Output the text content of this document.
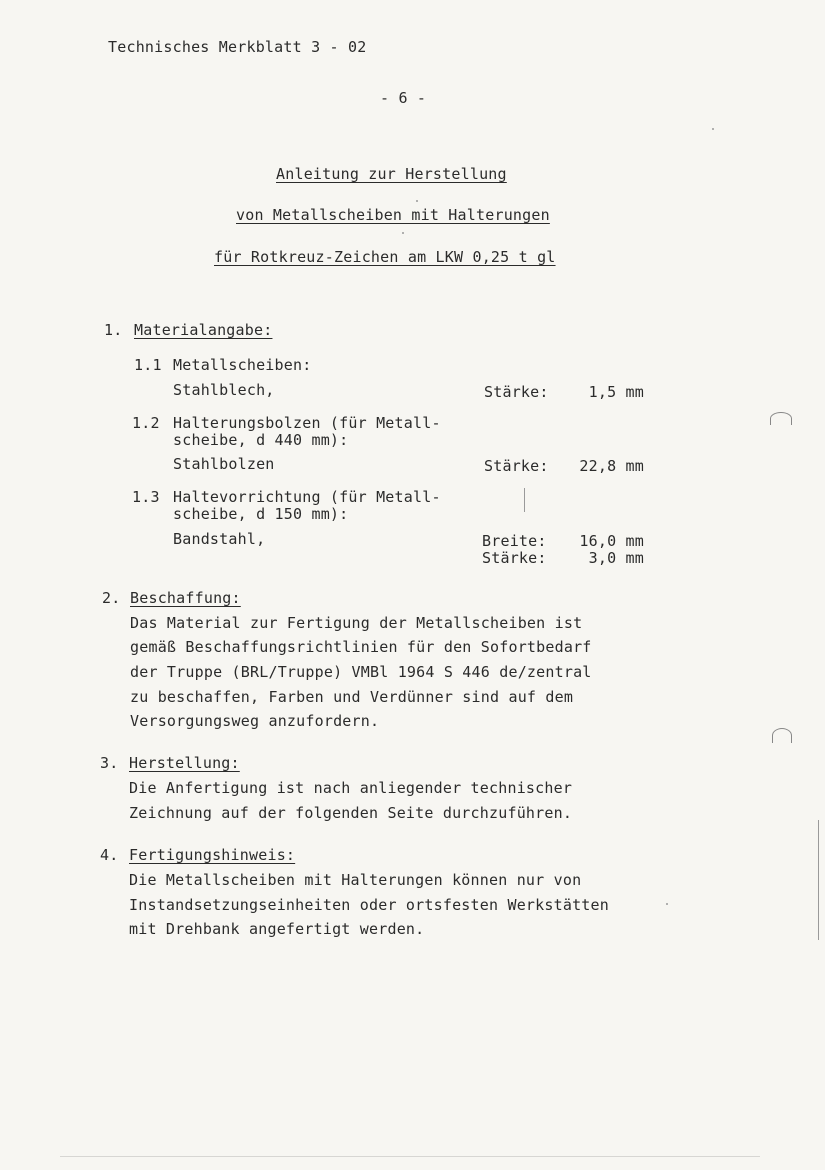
Technisches Merkblatt 3 - 02
- 6 -
Anleitung zur Herstellung
von Metallscheiben mit Halterungen
für Rotkreuz-Zeichen am LKW 0,25 t gl
1. Materialangabe:
1.1 Metallscheiben:
Stahlblech,	Stärke:	1,5 mm
1.2 Halterungsbolzen (für Metall-
scheibe, d 440 mm):
Stahlbolzen	Stärke:	22,8 mm
1.3 Haltevorrichtung (für Metall-
scheibe, d 150 mm):
Bandstahl,	Breite:	16,0 mm
Stärke:	3,0 mm
2. Beschaffung:
Das Material zur Fertigung der Metallscheiben ist
gemäß Beschaffungsrichtlinien für den Sofortbedarf
der Truppe (BRL/Truppe) VMBl 1964 S 446 de/zentral
zu beschaffen, Farben und Verdünner sind auf dem
Versorgungsweg anzufordern.
3. Herstellung:
Die Anfertigung ist nach anliegender technischer
Zeichnung auf der folgenden Seite durchzuführen.
4. Fertigungshinweis:
Die Metallscheiben mit Halterungen können nur von
Instandsetzungseinheiten oder ortsfesten Werkstätten
mit Drehbank angefertigt werden.
